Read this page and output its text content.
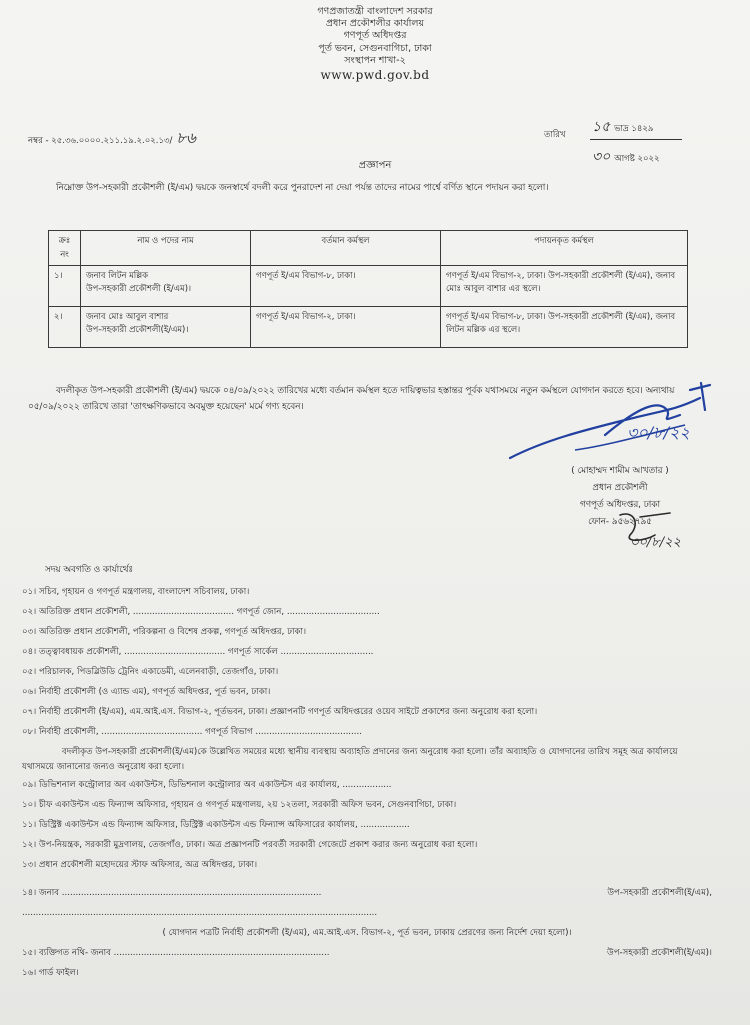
গণপ্রজাতন্ত্রী বাংলাদেশ সরকার
প্রধান প্রকৌশলীর কার্যালয়
গণপূর্ত অধিদপ্তর
পূর্ত ভবন, সেগুনবাগিচা, ঢাকা
সংস্থাপন শাখা-২
www.pwd.gov.bd
নম্বর - ২৫.৩৬.০০০০.২১১.১৯.২.০২.১৩/ ৮৬	তারিখ ১৫ ভাদ্র ১৪২৯
৩০ আগষ্ট ২০২২
প্রজ্ঞাপন
নিম্নোক্ত উপ-সহকারী প্রকৌশলী (ই/এম) দ্বয়কে জনস্বার্থে বদলী করে পুনরাদেশ না দেয়া পর্যন্ত তাদের নামের পার্শ্বে বর্ণিত স্থানে পদায়ন করা হলো।
ক্রঃ নং	নাম ও পদের নাম	বর্তমান কর্মস্থল	পদায়নকৃত কর্মস্থল
১।	জনাব লিটন মল্লিক
উপ-সহকারী প্রকৌশলী (ই/এম)।	গণপূর্ত ই/এম বিভাগ-৮, ঢাকা।	গণপূর্ত ই/এম বিভাগ-২, ঢাকা। উপ-সহকারী প্রকৌশলী (ই/এম), জনাব মোঃ আবুল বাশার এর স্থলে।
২।	জনাব মোঃ আবুল বাশার
উপ-সহকারী প্রকৌশলী(ই/এম)।	গণপূর্ত ই/এম বিভাগ-২, ঢাকা।	গণপূর্ত ই/এম বিভাগ-৮, ঢাকা। উপ-সহকারী প্রকৌশলী (ই/এম), জনাব লিটন মল্লিক এর স্থলে।
বদলীকৃত উপ-সহকারী প্রকৌশলী (ই/এম) দ্বয়কে ০৪/০৯/২০২২ তারিখের মধ্যে বর্তমান কর্মস্থল হতে দায়িত্বভার হস্তান্তর পূর্বক যথাসময়ে নতুন কর্মস্থলে যোগদান করতে হবে। অন্যথায় ০৫/০৯/২০২২ তারিখে তারা 'তাৎক্ষণিকভাবে অবমুক্ত হয়েছেন' মর্মে গণ্য হবেন।
৩০/৮/২২
( মোহাম্মদ শামীম আখতার )
প্রধান প্রকৌশলী
গণপূর্ত অধিদপ্তর, ঢাকা
ফোন- ৯৫৬২৭৯৫
৩০/৮/২২
সদয় অবগতি ও কার্যার্থেঃ
০১। সচিব, গৃহায়ন ও গণপূর্ত মন্ত্রণালয়, বাংলাদেশ সচিবালয়, ঢাকা।
০২। অতিরিক্ত প্রধান প্রকৌশলী, ..................................... গণপূর্ত জোন, ..................................
০৩। অতিরিক্ত প্রধান প্রকৌশলী, পরিকল্পনা ও বিশেষ প্রকল্প, গণপূর্ত অধিদপ্তর, ঢাকা।
০৪। তত্ত্বাবধায়ক প্রকৌশলী, ..................................... গণপূর্ত সার্কেল ..................................
০৫। পরিচালক, পিডব্লিউডি ট্রেনিং একাডেমী, এলেনবাড়ী, তেজগাঁও, ঢাকা।
০৬। নির্বাহী প্রকৌশলী (ও এ্যান্ড এম), গণপূর্ত অধিদপ্তর, পূর্ত ভবন, ঢাকা।
০৭। নির্বাহী প্রকৌশলী (ই/এম), এম.আই.এস. বিভাগ-২, পূর্তভবন, ঢাকা। প্রজ্ঞাপনটি গণপূর্ত অধিদপ্তরের ওয়েব সাইটে প্রকাশের জন্য অনুরোধ করা হলো।
০৮। নির্বাহী প্রকৌশলী, ..................................... গণপূর্ত বিভাগ .......................................
বদলীকৃত উপ-সহকারী প্রকৌশলী(ই/এম)কে উল্লেখিত সময়ের মধ্যে স্থানীয় ব্যবস্থায় অব্যাহতি প্রদানের জন্য অনুরোধ করা হলো। তাঁর অব্যাহতি ও যোগদানের তারিখ সমূহ অত্র কার্যালয়ে যথাসময়ে জানানোর জন্যও অনুরোধ করা হলো।
০৯। ডিভিশনাল কন্ট্রোলার অব একাউন্টস, ডিভিশনাল কন্ট্রোলার অব একাউন্টস এর কার্যালয়, ..................
১০। চীফ একাউন্টস এন্ড ফিন্যান্স অফিসার, গৃহায়ন ও গণপূর্ত মন্ত্রণালয়, ২য় ১২তলা, সরকারী অফিস ভবন, সেগুনবাগিচা, ঢাকা।
১১। ডিস্ট্রিক্ট একাউন্টস এন্ড ফিন্যান্স অফিসার, ডিস্ট্রিক্ট একাউন্টস এন্ড ফিন্যান্স অফিসারের কার্যালয়, ..................
১২। উপ-নিয়ন্ত্রক, সরকারী মুদ্রণালয়, তেজগাঁও, ঢাকা। অত্র প্রজ্ঞাপনটি পরবর্তী সরকারী গেজেটে প্রকাশ করার জন্য অনুরোধ করা হলো।
১৩। প্রধান প্রকৌশলী মহোদয়ের স্টাফ অফিসার, অত্র অধিদপ্তর, ঢাকা।
১৪। জনাব ...............................................................................................	উপ-সহকারী প্রকৌশলী(ই/এম),
..................................................................................................................................
( যোগদান পত্রটি নির্বাহী প্রকৌশলী (ই/এম), এম.আই.এস. বিভাগ-২, পূর্ত ভবন, ঢাকায় প্রেরণের জন্য নির্দেশ দেয়া হলো)।
১৫। ব্যক্তিগত নথি- জনাব ...............................................................................	উপ-সহকারী প্রকৌশলী(ই/এম)।
১৬। গার্ড ফাইল।
